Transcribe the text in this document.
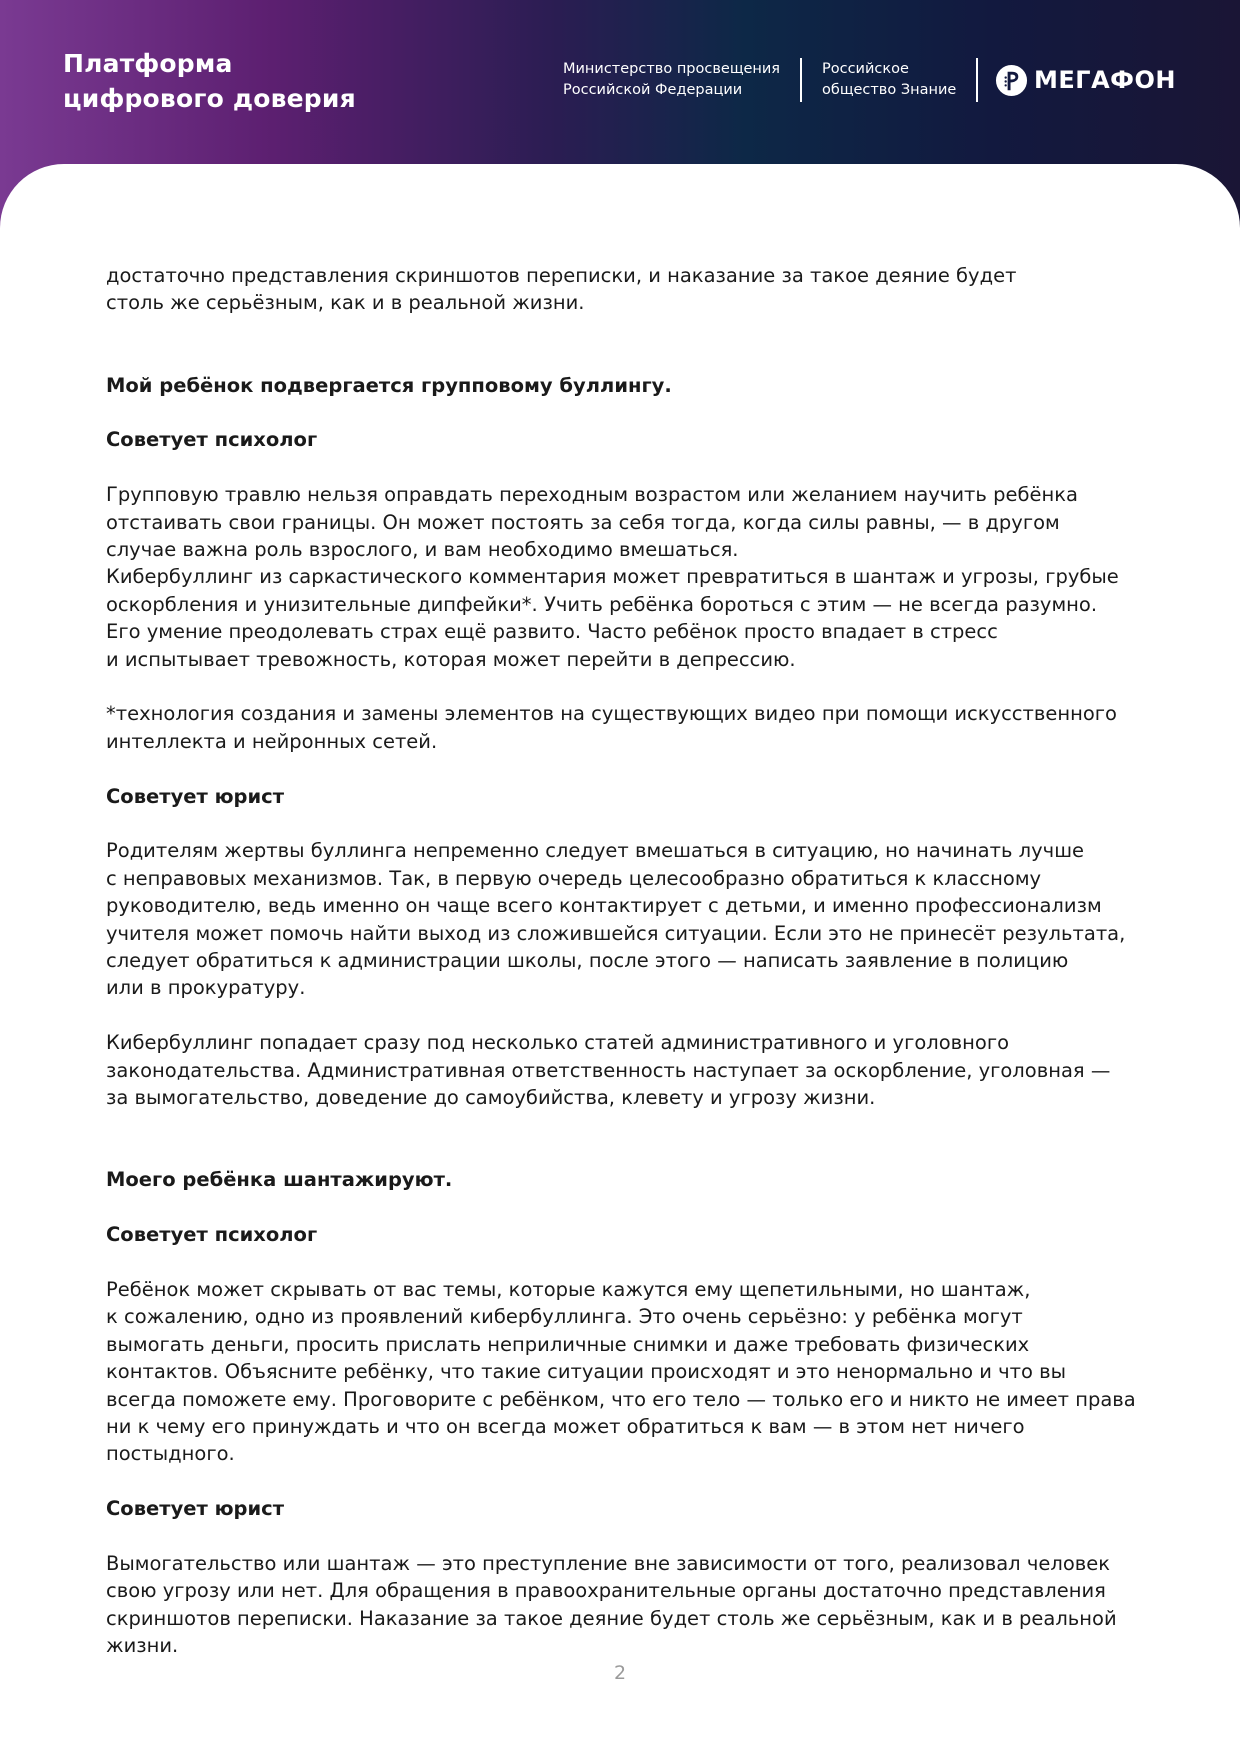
Платформа
цифрового доверия
Министерство просвещения
Российской Федерации
Российское
общество Знание	МЕГАФОН

достаточно представления скриншотов переписки, и наказание за такое деяние будет
столь же серьёзным, как и в реальной жизни.

Мой ребёнок подвергается групповому буллингу.

Советует психолог

Групповую травлю нельзя оправдать переходным возрастом или желанием научить ребёнка
отстаивать свои границы. Он может постоять за себя тогда, когда силы равны, — в другом
случае важна роль взрослого, и вам необходимо вмешаться.
Кибербуллинг из саркастического комментария может превратиться в шантаж и угрозы, грубые
оскорбления и унизительные дипфейки*. Учить ребёнка бороться с этим — не всегда разумно.
Его умение преодолевать страх ещё развито. Часто ребёнок просто впадает в стресс
и испытывает тревожность, которая может перейти в депрессию.

*технология создания и замены элементов на существующих видео при помощи искусственного
интеллекта и нейронных сетей.

Советует юрист

Родителям жертвы буллинга непременно следует вмешаться в ситуацию, но начинать лучше
с неправовых механизмов. Так, в первую очередь целесообразно обратиться к классному
руководителю, ведь именно он чаще всего контактирует с детьми, и именно профессионализм
учителя может помочь найти выход из сложившейся ситуации. Если это не принесёт результата,
следует обратиться к администрации школы, после этого — написать заявление в полицию
или в прокуратуру.

Кибербуллинг попадает сразу под несколько статей административного и уголовного
законодательства. Административная ответственность наступает за оскорбление, уголовная —
за вымогательство, доведение до самоубийства, клевету и угрозу жизни.

Моего ребёнка шантажируют.

Советует психолог

Ребёнок может скрывать от вас темы, которые кажутся ему щепетильными, но шантаж,
к сожалению, одно из проявлений кибербуллинга. Это очень серьёзно: у ребёнка могут
вымогать деньги, просить прислать неприличные снимки и даже требовать физических
контактов. Объясните ребёнку, что такие ситуации происходят и это ненормально и что вы
всегда поможете ему. Проговорите с ребёнком, что его тело — только его и никто не имеет права
ни к чему его принуждать и что он всегда может обратиться к вам — в этом нет ничего
постыдного.

Советует юрист

Вымогательство или шантаж — это преступление вне зависимости от того, реализовал человек
свою угрозу или нет. Для обращения в правоохранительные органы достаточно представления
скриншотов переписки. Наказание за такое деяние будет столь же серьёзным, как и в реальной
жизни.

2
